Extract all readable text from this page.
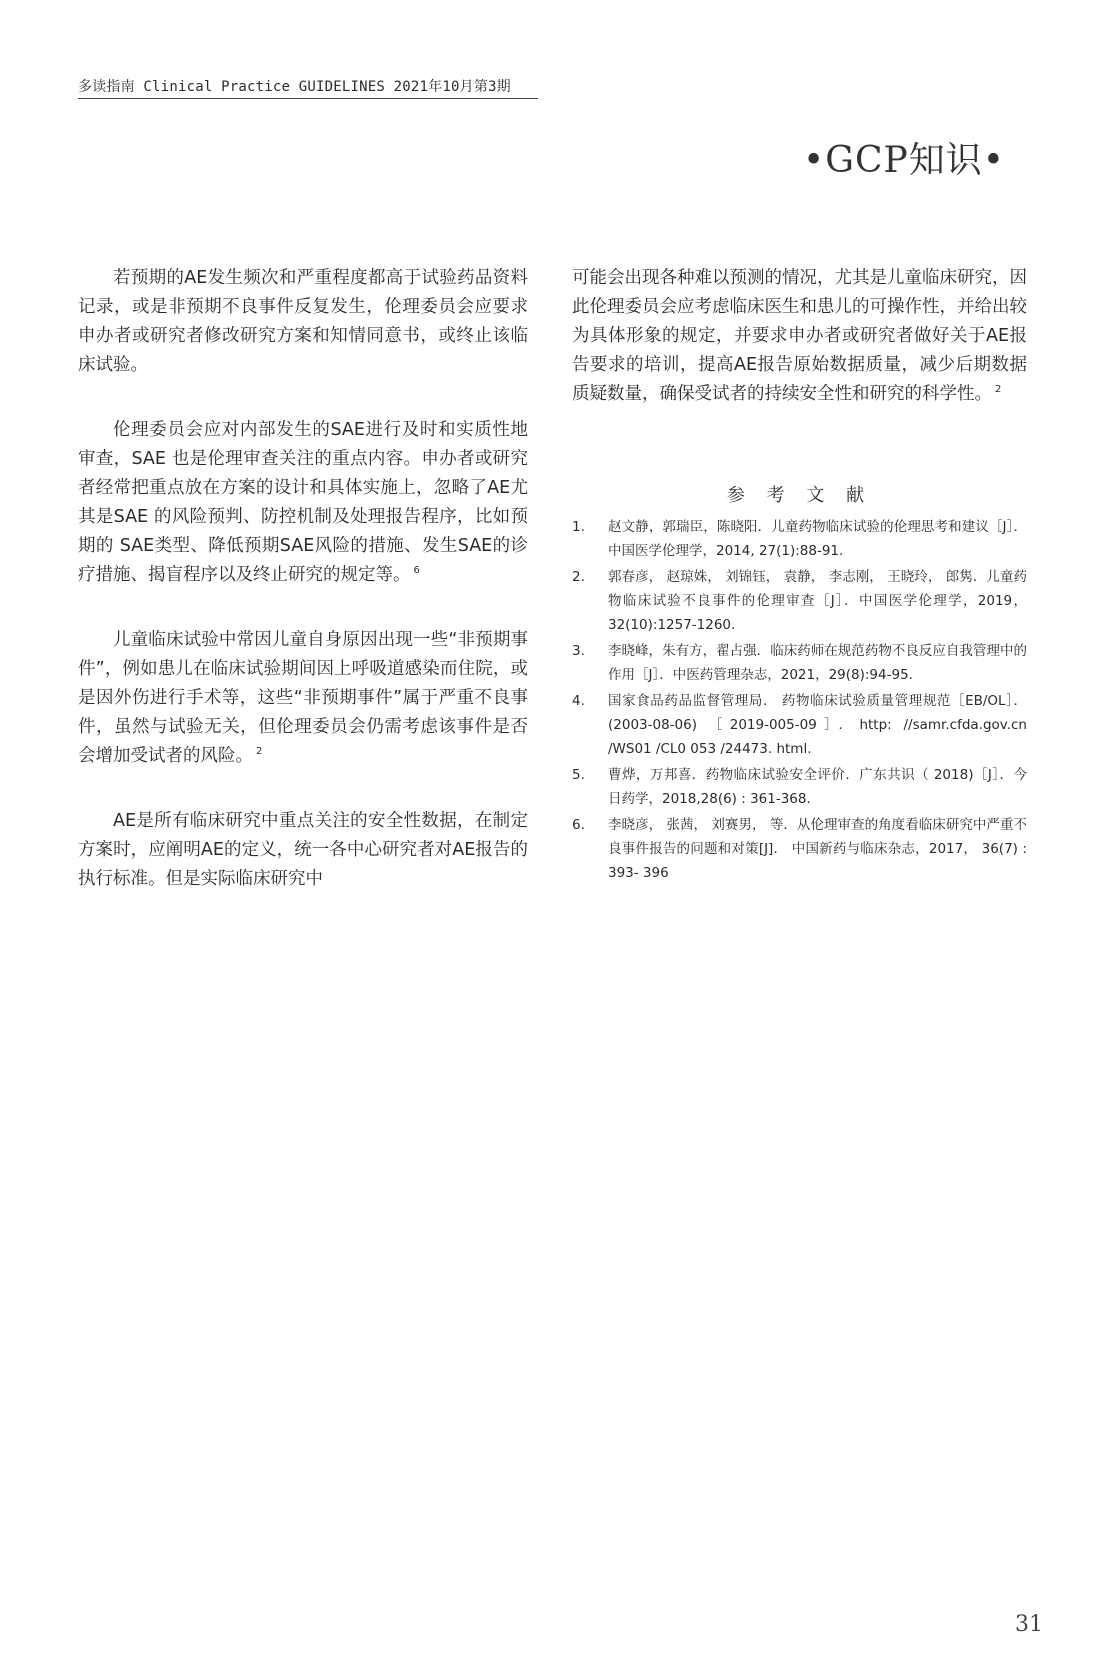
多读指南 Clinical Practice GUIDELINES 2021年10月第3期
•GCP知识•

若预期的AE发生频次和严重程度都高于试验药品资料记录，或是非预期不良事件反复发生，伦理委员会应要求申办者或研究者修改研究方案和知情同意书，或终止该临床试验。

伦理委员会应对内部发生的SAE进行及时和实质性地审查，SAE 也是伦理审查关注的重点内容。申办者或研究者经常把重点放在方案的设计和具体实施上，忽略了AE尤其是SAE 的风险预判、防控机制及处理报告程序，比如预期的 SAE类型、降低预期SAE风险的措施、发生SAE的诊疗措施、揭盲程序以及终止研究的规定等。 $^6$

儿童临床试验中常因儿童自身原因出现一些“非预期事件”，例如患儿在临床试验期间因上呼吸道感染而住院，或是因外伤进行手术等，这些“非预期事件”属于严重不良事 件，虽然与试验无关，但伦理委员会仍需考虑该事件是否会增加受试者的风险。 $^2$

AE是所有临床研究中重点关注的安全性数据，在制定方案时，应阐明AE的定义，统一各中心研究者对AE报告的执行标准。但是实际临床研究中

可能会出现各种难以预测的情况，尤其是儿童临床研究，因此伦理委员会应考虑临床医生和患儿的可操作性，并给出较为具体形象的规定，并要求申办者或研究者做好关于AE报告要求的培训，提高AE报告原始数据质量，减少后期数据质疑数量，确保受试者的持续安全性和研究的科学性。 $^2$

参 考 文 献
1.	赵文静，郭瑞臣，陈晓阳．儿童药物临床试验的伦理思考和建议［J］．中国医学伦理学，2014, 27(1):88-91.
2.	郭春彦， 赵琼姝， 刘锦钰， 袁静， 李志刚， 王晓玲， 郎隽．儿童药物临床试验不良事件的伦理审查［J］．中国医学伦理学，2019，32(10):1257-1260.
3.	李晓峰，朱有方，翟占强．临床药师在规范药物不良反应自我管理中的作用［J］．中医药管理杂志，2021，29(8):94-95.
4.	国家食品药品监督管理局． 药物临床试验质量管理规范［EB/OL］． (2003-08-06) ［2019-005-09］．http: //samr.cfda.gov.cn /WS01 /CL0 053 /24473. html.
5.	曹烨，万邦喜．药物临床试验安全评价．广东共识（ 2018)［J］．今日药学，2018,28(6) : 361-368.
6.	李晓彦， 张茜， 刘赛男， 等．从伦理审查的角度看临床研究中严重不良事件报告的问题和对策[J]． 中国新药与临床杂志，2017， 36(7) : 393- 396
31
